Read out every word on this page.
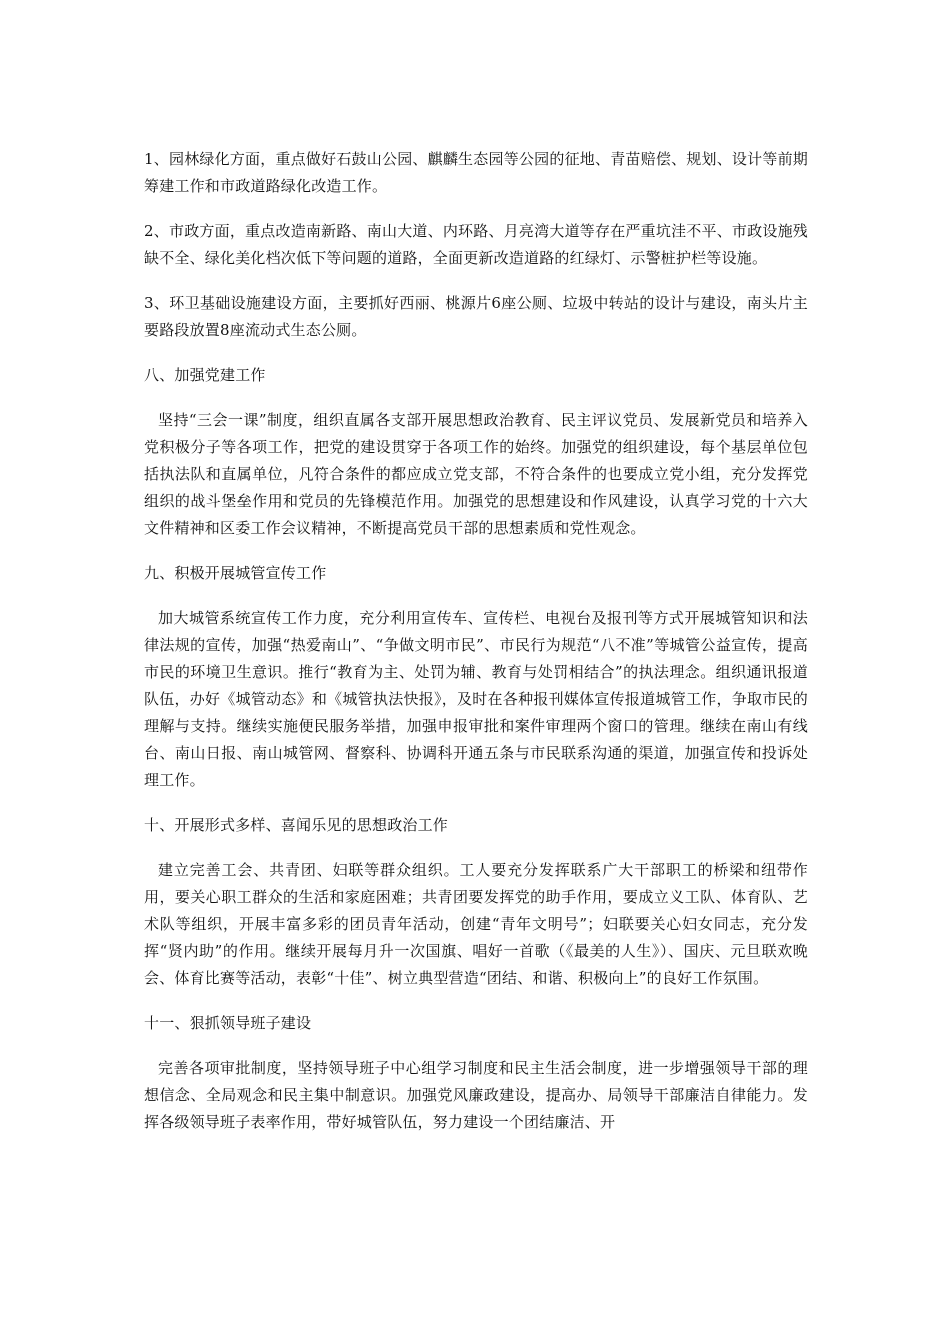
1、园林绿化方面，重点做好石鼓山公园、麒麟生态园等公园的征地、青苗赔偿、规划、设计等前期筹建工作和市政道路绿化改造工作。

2、市政方面，重点改造南新路、南山大道、内环路、月亮湾大道等存在严重坑洼不平、市政设施残缺不全、绿化美化档次低下等问题的道路，全面更新改造道路的红绿灯、示警桩护栏等设施。

3、环卫基础设施建设方面，主要抓好西丽、桃源片6座公厕、垃圾中转站的设计与建设，南头片主要路段放置8座流动式生态公厕。

八、加强党建工作

坚持“三会一课”制度，组织直属各支部开展思想政治教育、民主评议党员、发展新党员和培养入党积极分子等各项工作，把党的建设贯穿于各项工作的始终。加强党的组织建设，每个基层单位包括执法队和直属单位，凡符合条件的都应成立党支部，不符合条件的也要成立党小组，充分发挥党组织的战斗堡垒作用和党员的先锋模范作用。加强党的思想建设和作风建设，认真学习党的十六大文件精神和区委工作会议精神，不断提高党员干部的思想素质和党性观念。

九、积极开展城管宣传工作

加大城管系统宣传工作力度，充分利用宣传车、宣传栏、电视台及报刊等方式开展城管知识和法律法规的宣传，加强“热爱南山”、“争做文明市民”、市民行为规范“八不准”等城管公益宣传，提高市民的环境卫生意识。推行“教育为主、处罚为辅、教育与处罚相结合”的执法理念。组织通讯报道队伍，办好《城管动态》和《城管执法快报》，及时在各种报刊媒体宣传报道城管工作，争取市民的理解与支持。继续实施便民服务举措，加强申报审批和案件审理两个窗口的管理。继续在南山有线台、南山日报、南山城管网、督察科、协调科开通五条与市民联系沟通的渠道，加强宣传和投诉处理工作。

十、开展形式多样、喜闻乐见的思想政治工作

建立完善工会、共青团、妇联等群众组织。工人要充分发挥联系广大干部职工的桥梁和纽带作用，要关心职工群众的生活和家庭困难；共青团要发挥党的助手作用，要成立义工队、体育队、艺术队等组织，开展丰富多彩的团员青年活动，创建“青年文明号”；妇联要关心妇女同志，充分发挥“贤内助”的作用。继续开展每月升一次国旗、唱好一首歌（《最美的人生》）、国庆、元旦联欢晚会、体育比赛等活动，表彰“十佳”、树立典型营造“团结、和谐、积极向上”的良好工作氛围。

十一、狠抓领导班子建设

完善各项审批制度，坚持领导班子中心组学习制度和民主生活会制度，进一步增强领导干部的理想信念、全局观念和民主集中制意识。加强党风廉政建设，提高办、局领导干部廉洁自律能力。发挥各级领导班子表率作用，带好城管队伍，努力建设一个团结廉洁、开
